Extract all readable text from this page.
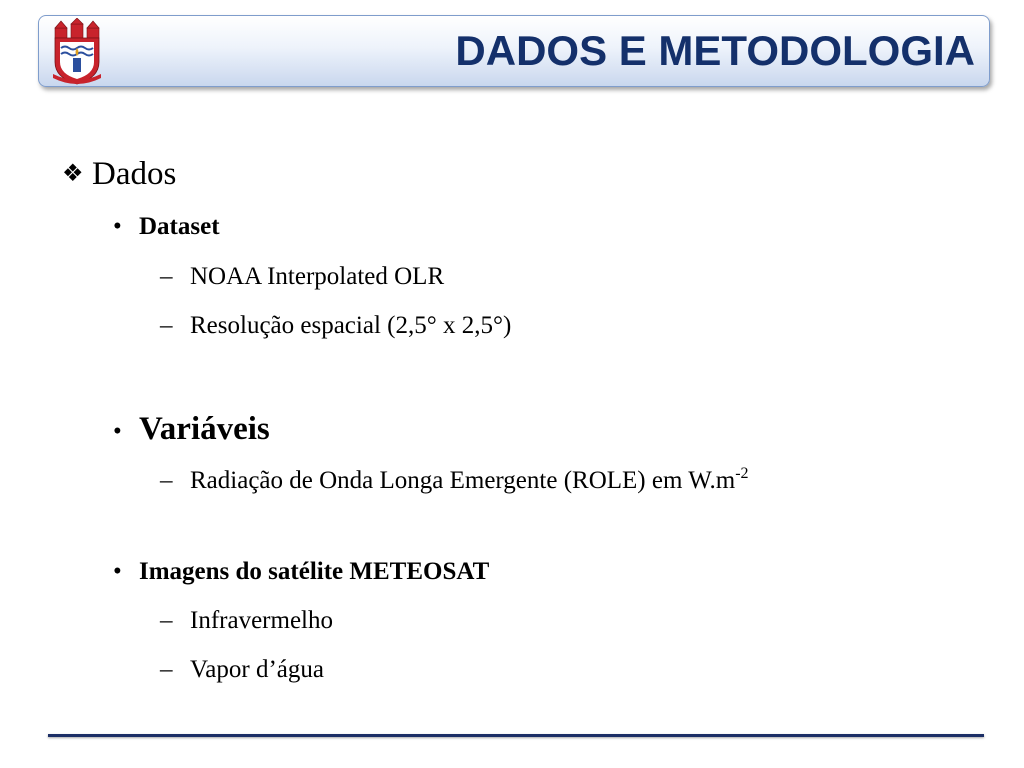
DADOS E METODOLOGIA
❖ Dados
• Dataset
– NOAA Interpolated OLR
– Resolução espacial (2,5° x 2,5°)
• Variáveis
– Radiação de Onda Longa Emergente (ROLE) em $W.m^{-2}$
• Imagens do satélite METEOSAT
– Infravermelho
– Vapor d’água
